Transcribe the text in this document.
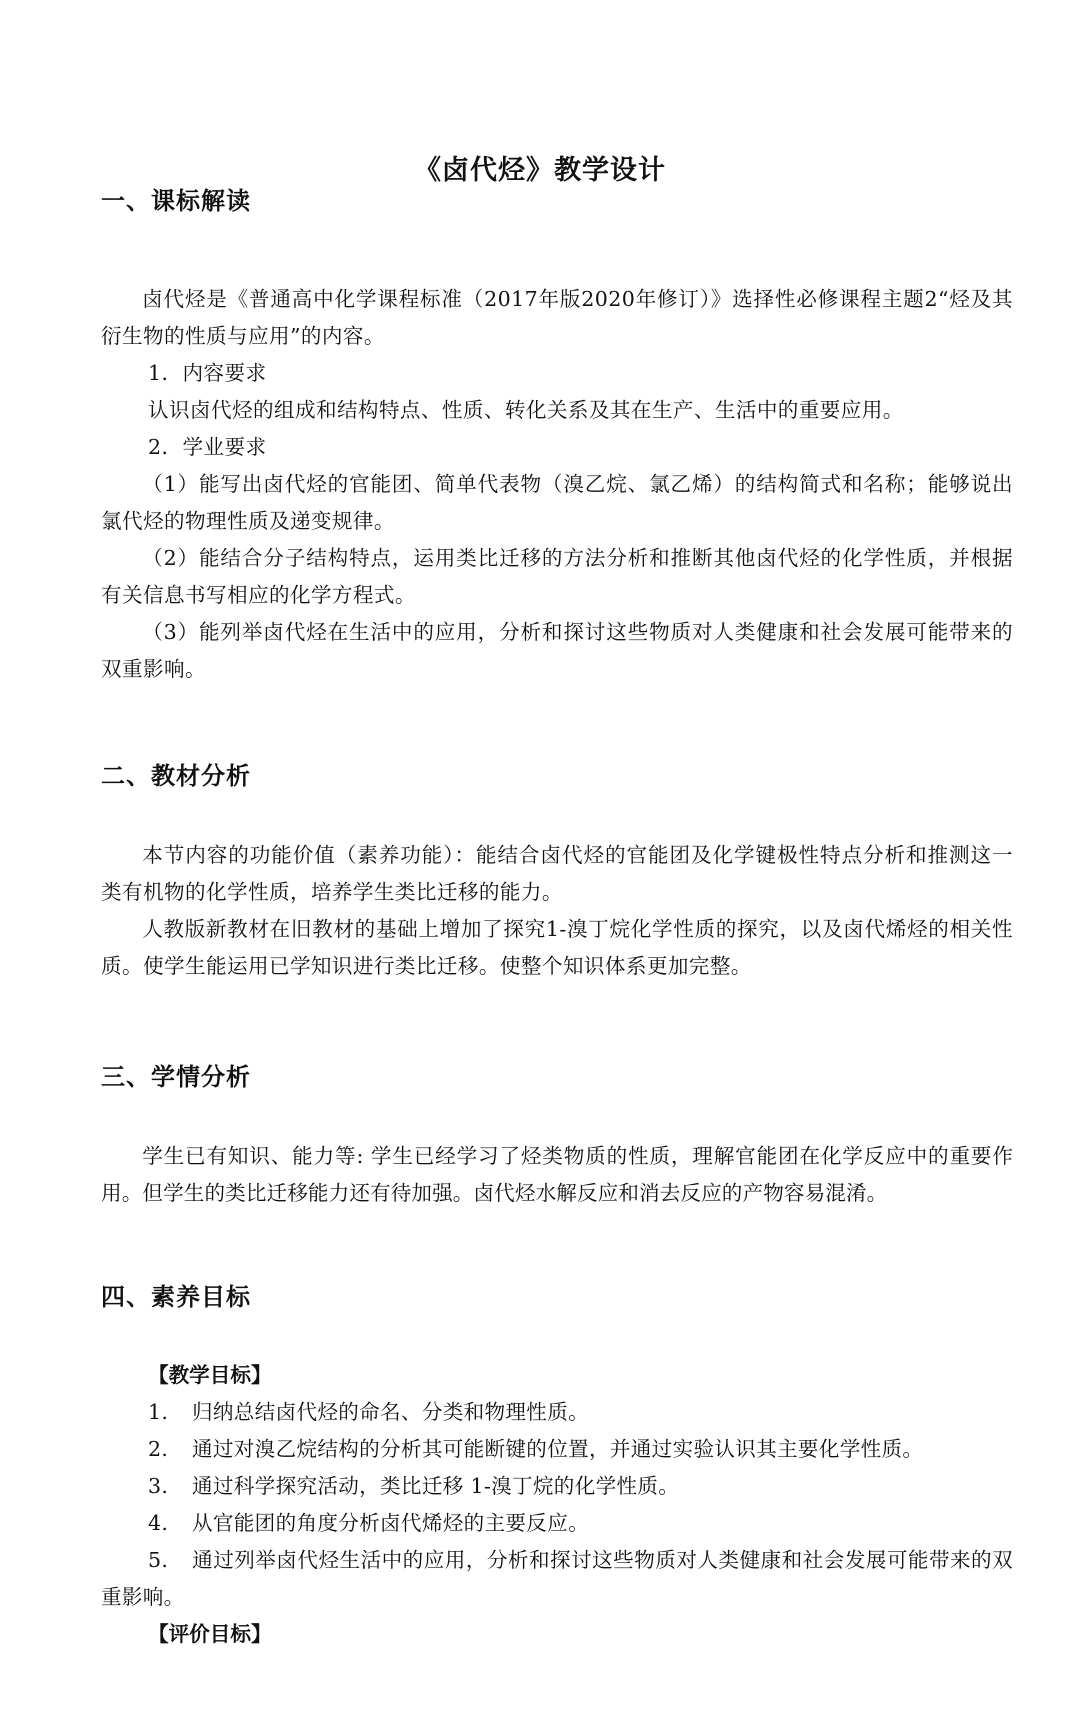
《卤代烃》教学设计
一、课标解读
卤代烃是《普通高中化学课程标准（2017年版2020年修订）》选择性必修课程主题2“烃及其衍生物的性质与应用”的内容。
1．内容要求
认识卤代烃的组成和结构特点、性质、转化关系及其在生产、生活中的重要应用。
2．学业要求
（1）能写出卤代烃的官能团、简单代表物（溴乙烷、氯乙烯）的结构简式和名称；能够说出氯代烃的物理性质及递变规律。
（2）能结合分子结构特点，运用类比迁移的方法分析和推断其他卤代烃的化学性质，并根据有关信息书写相应的化学方程式。
（3）能列举卤代烃在生活中的应用，分析和探讨这些物质对人类健康和社会发展可能带来的双重影响。
二、教材分析
本节内容的功能价值（素养功能）：能结合卤代烃的官能团及化学键极性特点分析和推测这一类有机物的化学性质，培养学生类比迁移的能力。
人教版新教材在旧教材的基础上增加了探究1-溴丁烷化学性质的探究，以及卤代烯烃的相关性质。使学生能运用已学知识进行类比迁移。使整个知识体系更加完整。
三、学情分析
学生已有知识、能力等: 学生已经学习了烃类物质的性质，理解官能团在化学反应中的重要作用。但学生的类比迁移能力还有待加强。卤代烃水解反应和消去反应的产物容易混淆。
四、素养目标
【教学目标】
1. 归纳总结卤代烃的命名、分类和物理性质。
2. 通过对溴乙烷结构的分析其可能断键的位置，并通过实验认识其主要化学性质。
3. 通过科学探究活动，类比迁移 1-溴丁烷的化学性质。
4. 从官能团的角度分析卤代烯烃的主要反应。
5. 通过列举卤代烃生活中的应用，分析和探讨这些物质对人类健康和社会发展可能带来的双重影响。
【评价目标】
